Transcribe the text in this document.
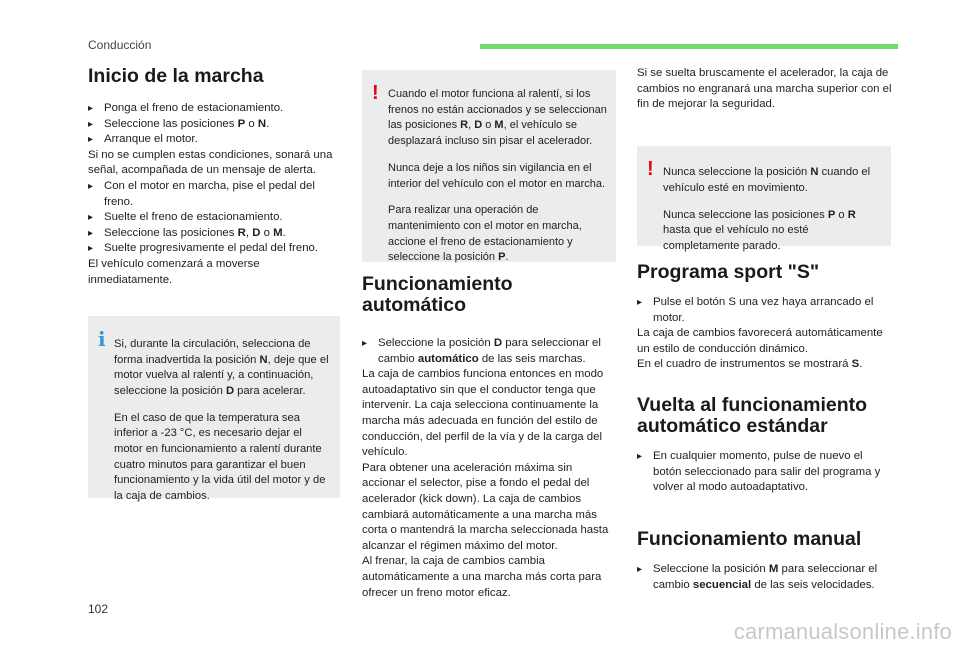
Conducción
Inicio de la marcha
▸ Ponga el freno de estacionamiento.
▸ Seleccione las posiciones P o N.
▸ Arranque el motor.

Si no se cumplen estas condiciones, sonará una señal, acompañada de un mensaje de alerta.

▸ Con el motor en marcha, pise el pedal del freno.
▸ Suelte el freno de estacionamiento.
▸ Seleccione las posiciones R, D o M.
▸ Suelte progresivamente el pedal del freno.

El vehículo comenzará a moverse inmediatamente.

i Si, durante la circulación, selecciona de forma inadvertida la posición N, deje que el motor vuelva al ralentí y, a continuación, seleccione la posición D para acelerar.

En el caso de que la temperatura sea inferior a -23 °C, es necesario dejar el motor en funcionamiento a ralentí durante cuatro minutos para garantizar el buen funcionamiento y la vida útil del motor y de la caja de cambios.

! Cuando el motor funciona al ralentí, si los frenos no están accionados y se seleccionan las posiciones R, D o M, el vehículo se desplazará incluso sin pisar el acelerador.

Nunca deje a los niños sin vigilancia en el interior del vehículo con el motor en marcha.

Para realizar una operación de mantenimiento con el motor en marcha, accione el freno de estacionamiento y seleccione la posición P.

Funcionamiento automático
▸ Seleccione la posición D para seleccionar el cambio automático de las seis marchas.

La caja de cambios funciona entonces en modo autoadaptativo sin que el conductor tenga que intervenir. La caja selecciona continuamente la marcha más adecuada en función del estilo de conducción, del perfil de la vía y de la carga del vehículo.

Para obtener una aceleración máxima sin accionar el selector, pise a fondo el pedal del acelerador (kick down). La caja de cambios cambiará automáticamente a una marcha más corta o mantendrá la marcha seleccionada hasta alcanzar el régimen máximo del motor.

Al frenar, la caja de cambios cambia automáticamente a una marcha más corta para ofrecer un freno motor eficaz.

Si se suelta bruscamente el acelerador, la caja de cambios no engranará una marcha superior con el fin de mejorar la seguridad.

! Nunca seleccione la posición N cuando el vehículo esté en movimiento.

Nunca seleccione las posiciones P o R hasta que el vehículo no esté completamente parado.

Programa sport "S"
▸ Pulse el botón S una vez haya arrancado el motor.

La caja de cambios favorecerá automáticamente un estilo de conducción dinámico.

En el cuadro de instrumentos se mostrará S.

Vuelta al funcionamiento
automático estándar
▸ En cualquier momento, pulse de nuevo el botón seleccionado para salir del programa y volver al modo autoadaptativo.
Funcionamiento manual
▸ Seleccione la posición M para seleccionar el cambio secuencial de las seis velocidades.
102
carmanualsonline.info
